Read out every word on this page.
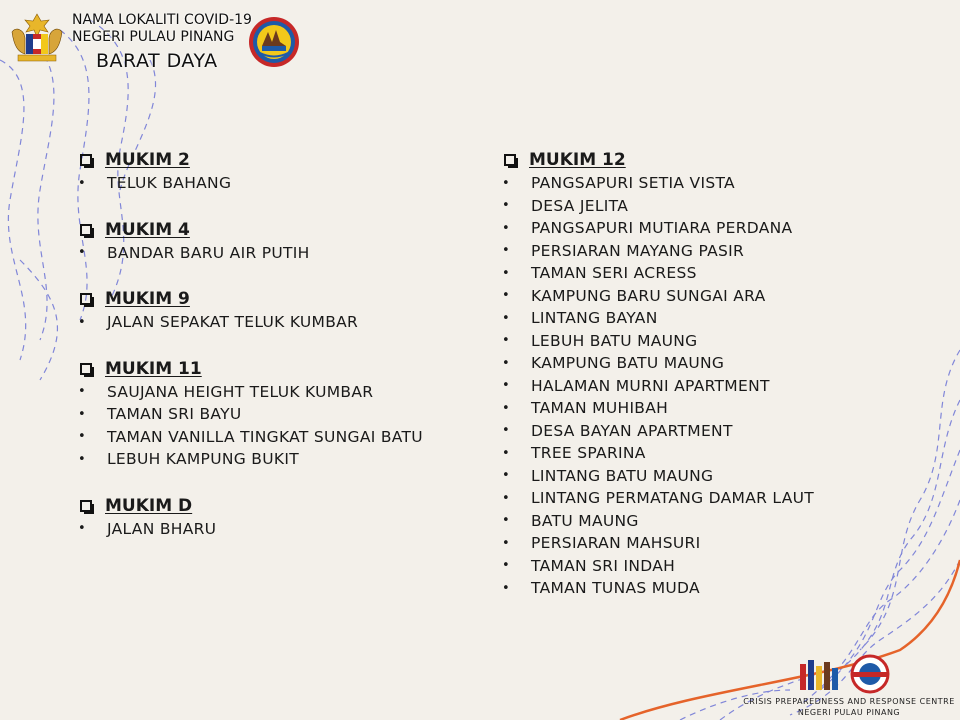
NAMA LOKALITI COVID-19
NEGERI PULAU PINANG
BARAT DAYA
MUKIM 2
•	TELUK BAHANG
MUKIM 4
•	BANDAR BARU AIR PUTIH
MUKIM 9
•	JALAN SEPAKAT TELUK KUMBAR
MUKIM 11
•	SAUJANA HEIGHT TELUK KUMBAR
•	TAMAN SRI BAYU
•	TAMAN VANILLA TINGKAT SUNGAI BATU
•	LEBUH KAMPUNG BUKIT
MUKIM D
•	JALAN BHARU
MUKIM 12
•	PANGSAPURI SETIA VISTA
•	DESA JELITA
•	PANGSAPURI MUTIARA PERDANA
•	PERSIARAN MAYANG PASIR
•	TAMAN SERI ACRESS
•	KAMPUNG BARU SUNGAI ARA
•	LINTANG BAYAN
•	LEBUH BATU MAUNG
•	KAMPUNG BATU MAUNG
•	HALAMAN MURNI APARTMENT
•	TAMAN MUHIBAH
•	DESA BAYAN APARTMENT
•	TREE SPARINA
•	LINTANG BATU MAUNG
•	LINTANG PERMATANG DAMAR LAUT
•	BATU MAUNG
•	PERSIARAN MAHSURI
•	TAMAN SRI INDAH
•	TAMAN TUNAS MUDA
CRISIS PREPAREDNESS AND RESPONSE CENTRE
NEGERI PULAU PINANG
